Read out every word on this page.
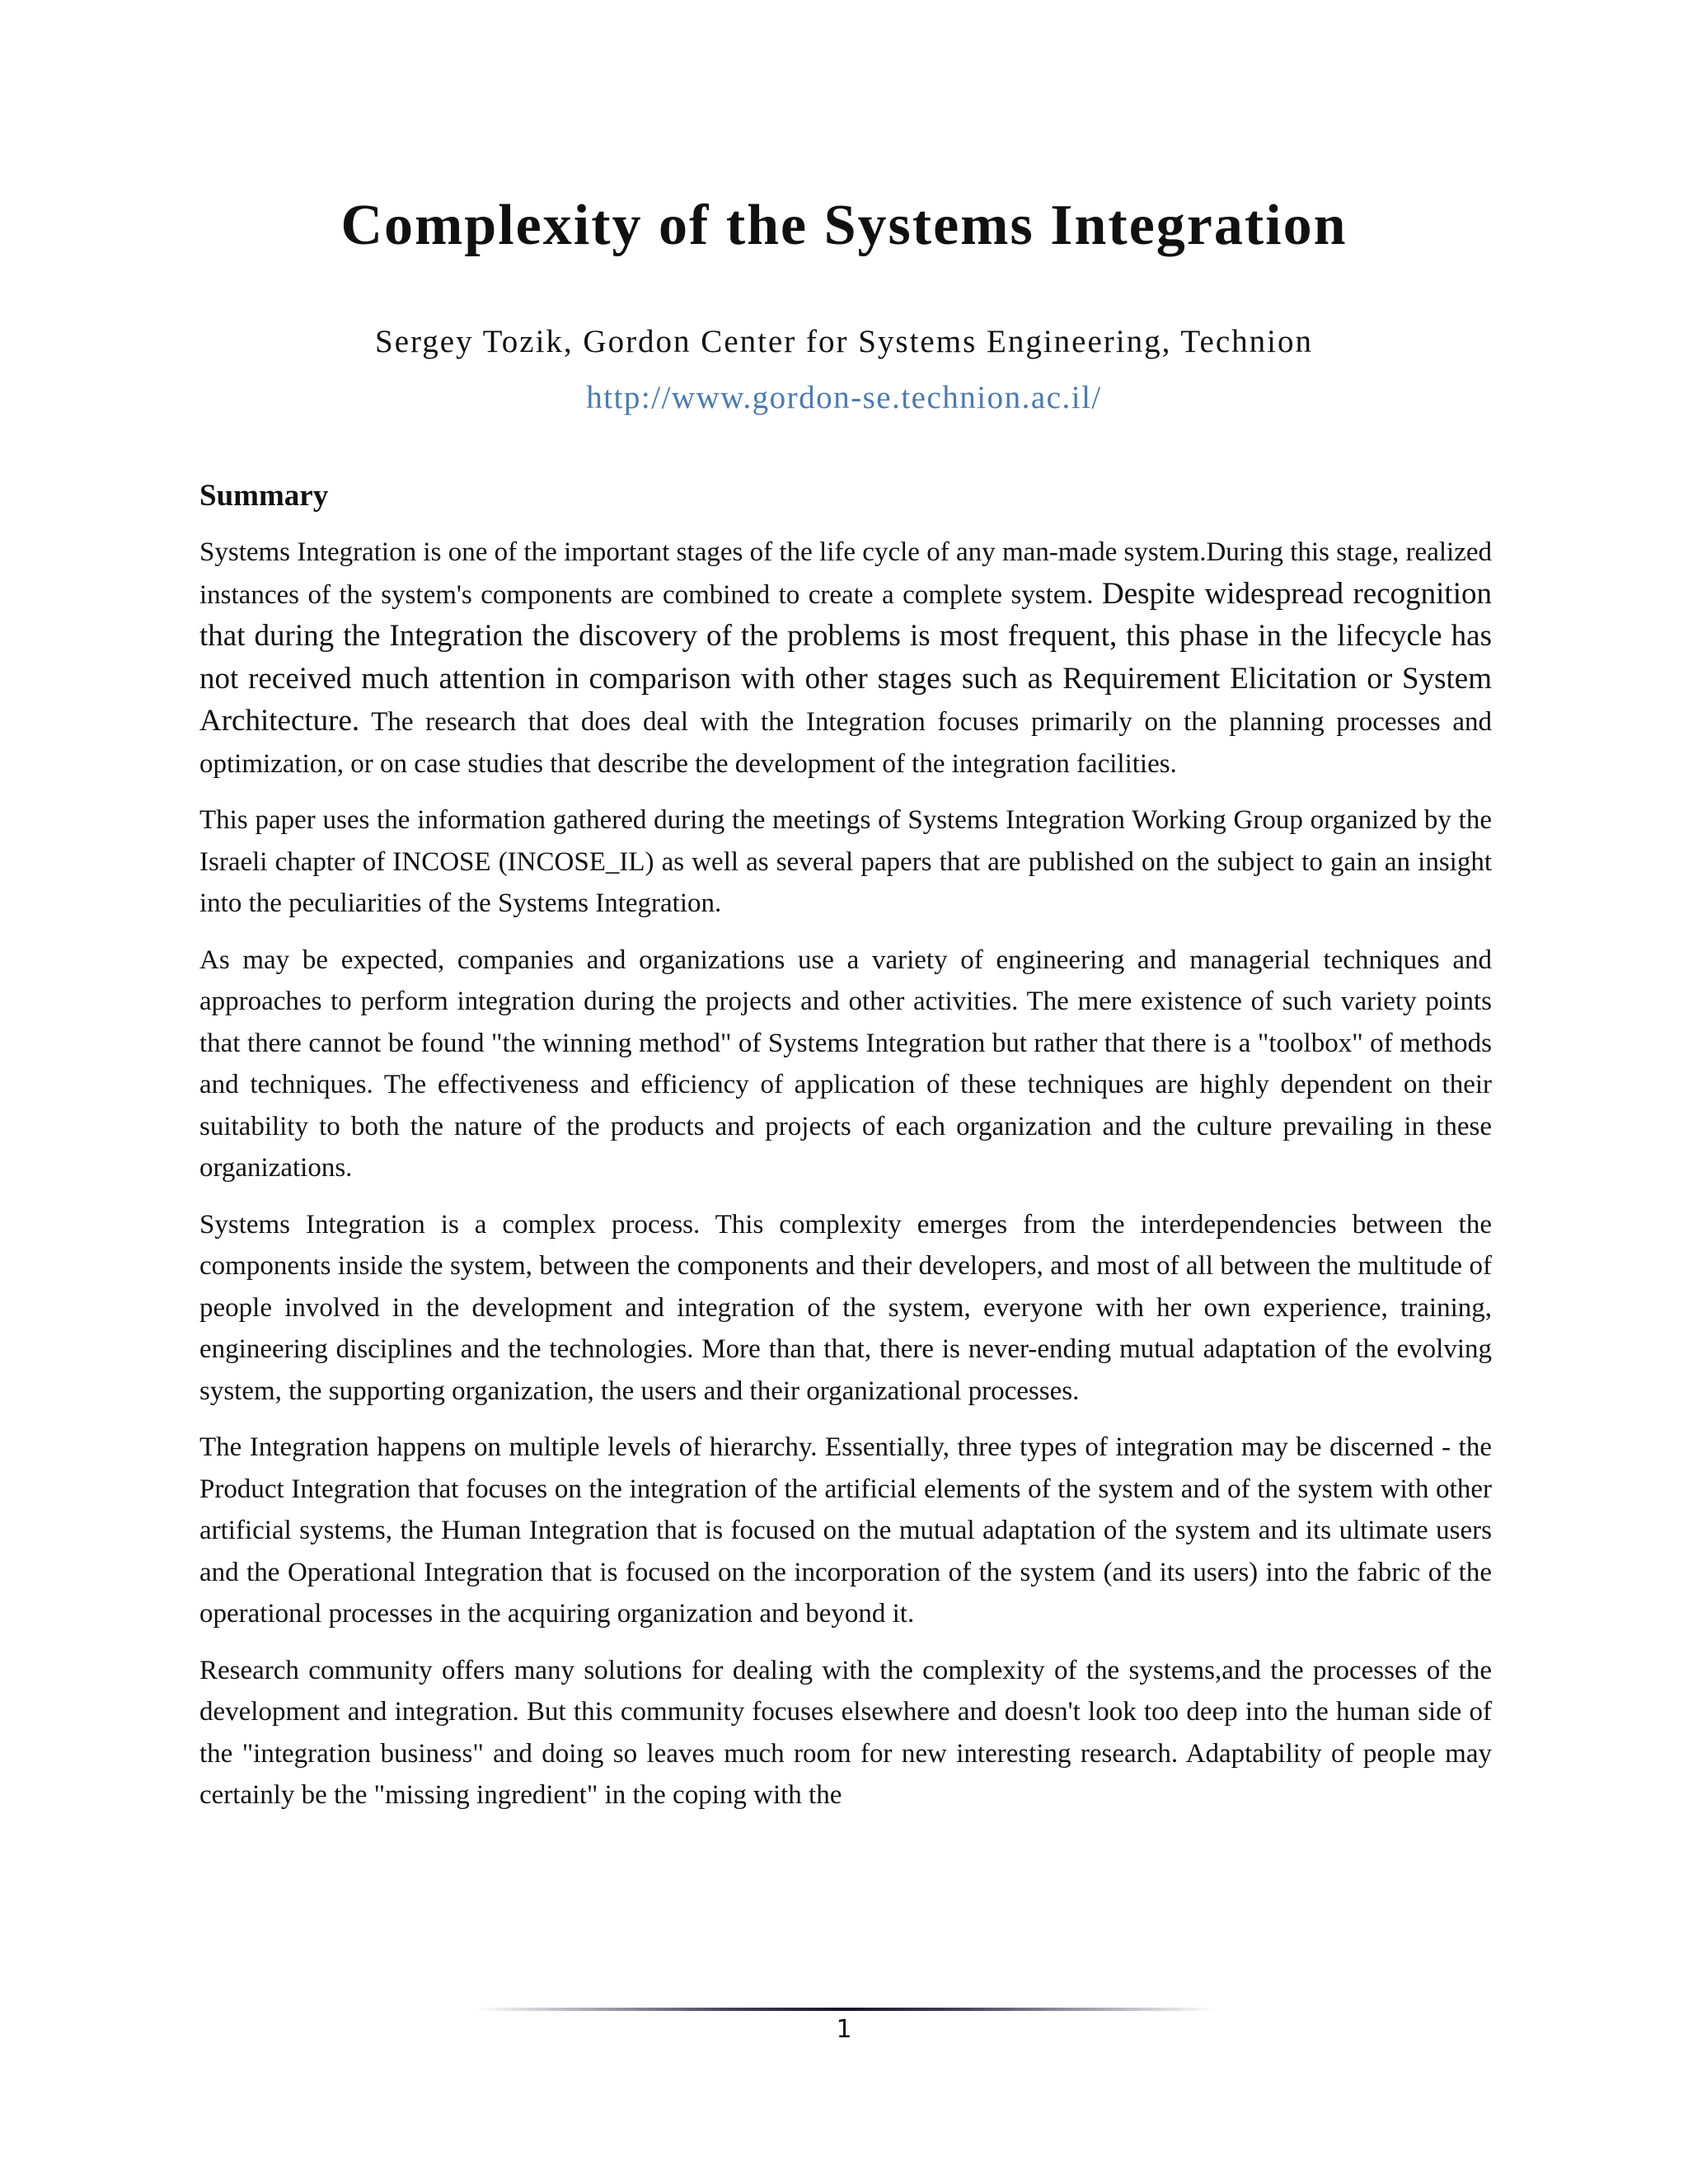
Complexity of the Systems Integration
Sergey Tozik, Gordon Center for Systems Engineering, Technion
http://www.gordon-se.technion.ac.il/
Summary

Systems Integration is one of the important stages of the life cycle of any man-made system.During this stage, realized instances of the system's components are combined to create a complete system. Despite widespread recognition that during the Integration the discovery of the problems is most frequent, this phase in the lifecycle has not received much attention in comparison with other stages such as Requirement Elicitation or System Architecture. The research that does deal with the Integration focuses primarily on the planning processes and optimization, or on case studies that describe the development of the integration facilities.

This paper uses the information gathered during the meetings of Systems Integration Working Group organized by the Israeli chapter of INCOSE (INCOSE_IL) as well as several papers that are published on the subject to gain an insight into the peculiarities of the Systems Integration.

As may be expected, companies and organizations use a variety of engineering and managerial techniques and approaches to perform integration during the projects and other activities. The mere existence of such variety points that there cannot be found "the winning method" of Systems Integration but rather that there is a "toolbox" of methods and techniques. The effectiveness and efficiency of application of these techniques are highly dependent on their suitability to both the nature of the products and projects of each organization and the culture prevailing in these organizations.

Systems Integration is a complex process. This complexity emerges from the interdependencies between the components inside the system, between the components and their developers, and most of all between the multitude of people involved in the development and integration of the system, everyone with her own experience, training, engineering disciplines and the technologies. More than that, there is never-ending mutual adaptation of the evolving system, the supporting organization, the users and their organizational processes.

The Integration happens on multiple levels of hierarchy. Essentially, three types of integration may be discerned - the Product Integration that focuses on the integration of the artificial elements of the system and of the system with other artificial systems, the Human Integration that is focused on the mutual adaptation of the system and its ultimate users and the Operational Integration that is focused on the incorporation of the system (and its users) into the fabric of the operational processes in the acquiring organization and beyond it.

Research community offers many solutions for dealing with the complexity of the systems,and the processes of the development and integration. But this community focuses elsewhere and doesn't look too deep into the human side of the "integration business" and doing so leaves much room for new interesting research. Adaptability of people may certainly be the "missing ingredient" in the coping with the

1
